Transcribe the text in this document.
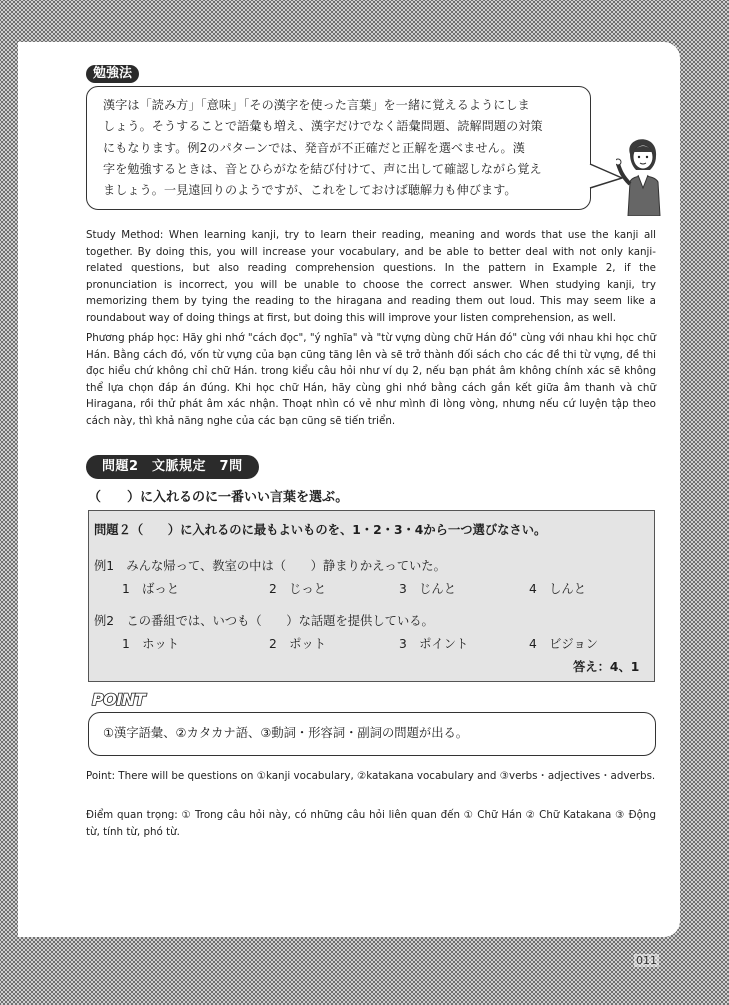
勉強法
漢字は「読み方」「意味」「その漢字を使った言葉」を一緒に覚えるようにしま
しょう。そうすることで語彙も増え、漢字だけでなく語彙問題、読解問題の対策
にもなります。例2のパターンでは、発音が不正確だと正解を選べません。漢
字を勉強するときは、音とひらがなを結び付けて、声に出して確認しながら覚え
ましょう。一見遠回りのようですが、これをしておけば聴解力も伸びます。
Study Method: When learning kanji, try to learn their reading, meaning and words that use the kanji all together. By doing this, you will increase your vocabulary, and be able to better deal with not only kanji-related questions, but also reading comprehension questions. In the pattern in Example 2, if the pronunciation is incorrect, you will be unable to choose the correct answer. When studying kanji, try memorizing them by tying the reading to the hiragana and reading them out loud. This may seem like a roundabout way of doing things at first, but doing this will improve your listen comprehension, as well.
Phương pháp học: Hãy ghi nhớ "cách đọc", "ý nghĩa" và "từ vựng dùng chữ Hán đó" cùng với nhau khi học chữ Hán. Bằng cách đó, vốn từ vựng của bạn cũng tăng lên và sẽ trở thành đối sách cho các đề thi từ vựng, đề thi đọc hiểu chứ không chỉ chữ Hán. trong kiểu câu hỏi như ví dụ 2, nếu bạn phát âm không chính xác sẽ không thể lựa chọn đáp án đúng. Khi học chữ Hán, hãy cùng ghi nhớ bằng cách gắn kết giữa âm thanh và chữ Hiragana, rồi thử phát âm xác nhận. Thoạt nhìn có vẻ như mình đi lòng vòng, nhưng nếu cứ luyện tập theo cách này, thì khả năng nghe của các bạn cũng sẽ tiến triển.
問題2　文脈規定　7問
（　　）に入れるのに一番いい言葉を選ぶ。
問題２（　　）に入れるのに最もよいものを、1・2・3・4から一つ選びなさい。
例1　みんな帰って、教室の中は（　　）静まりかえっていた。
1　ばっと	2　じっと	3　じんと	4　しんと
例2　この番組では、いつも（　　）な話題を提供している。
1　ホット	2　ポット	3　ポイント	4　ビジョン
答え：4、1
POINT
①漢字語彙、②カタカナ語、③動詞・形容詞・副詞の問題が出る。
Point: There will be questions on ①kanji vocabulary, ②katakana vocabulary and ③verbs・adjectives・adverbs.
Điểm quan trọng: ① Trong câu hỏi này, có những câu hỏi liên quan đến ① Chữ Hán ② Chữ Katakana ③ Động từ, tính từ, phó từ.
011
